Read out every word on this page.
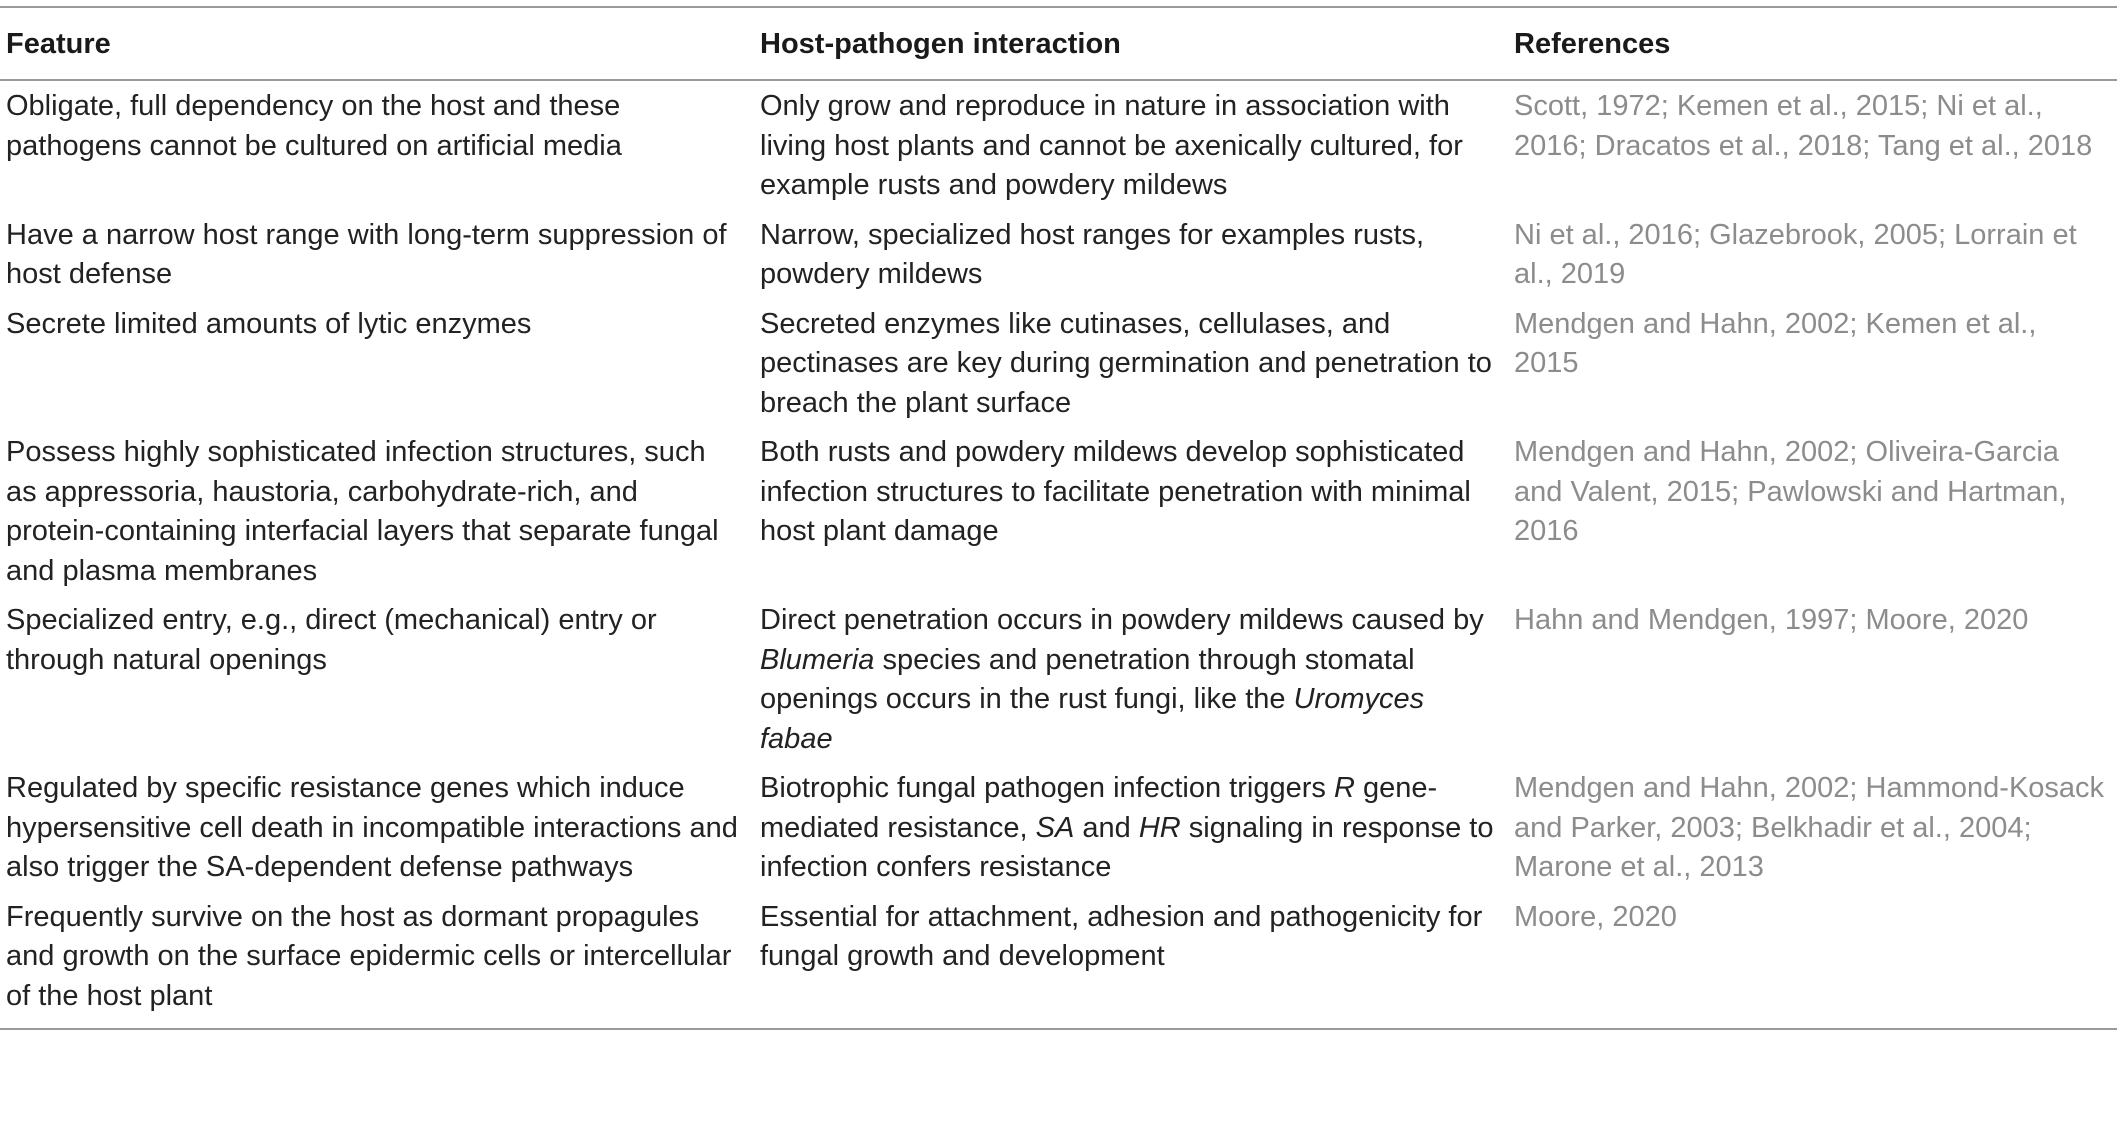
Feature	Host-pathogen interaction	References
Obligate, full dependency on the host and these pathogens cannot be cultured on artificial media	Only grow and reproduce in nature in association with living host plants and cannot be axenically cultured, for example rusts and powdery mildews	Scott, 1972; Kemen et al., 2015; Ni et al., 2016; Dracatos et al., 2018; Tang et al., 2018
Have a narrow host range with long-term suppression of host defense	Narrow, specialized host ranges for examples rusts, powdery mildews	Ni et al., 2016; Glazebrook, 2005; Lorrain et al., 2019
Secrete limited amounts of lytic enzymes	Secreted enzymes like cutinases, cellulases, and pectinases are key during germination and penetration to breach the plant surface	Mendgen and Hahn, 2002; Kemen et al., 2015
Possess highly sophisticated infection structures, such as appressoria, haustoria, carbohydrate-rich, and protein-containing interfacial layers that separate fungal and plasma membranes	Both rusts and powdery mildews develop sophisticated infection structures to facilitate penetration with minimal host plant damage	Mendgen and Hahn, 2002; Oliveira-Garcia and Valent, 2015; Pawlowski and Hartman, 2016
Specialized entry, e.g., direct (mechanical) entry or through natural openings	Direct penetration occurs in powdery mildews caused by Blumeria species and penetration through stomatal openings occurs in the rust fungi, like the Uromyces fabae	Hahn and Mendgen, 1997; Moore, 2020
Regulated by specific resistance genes which induce hypersensitive cell death in incompatible interactions and also trigger the SA-dependent defense pathways	Biotrophic fungal pathogen infection triggers R gene-mediated resistance, SA and HR signaling in response to infection confers resistance	Mendgen and Hahn, 2002; Hammond-Kosack and Parker, 2003; Belkhadir et al., 2004; Marone et al., 2013
Frequently survive on the host as dormant propagules and growth on the surface epidermic cells or intercellular of the host plant	Essential for attachment, adhesion and pathogenicity for fungal growth and development	Moore, 2020
